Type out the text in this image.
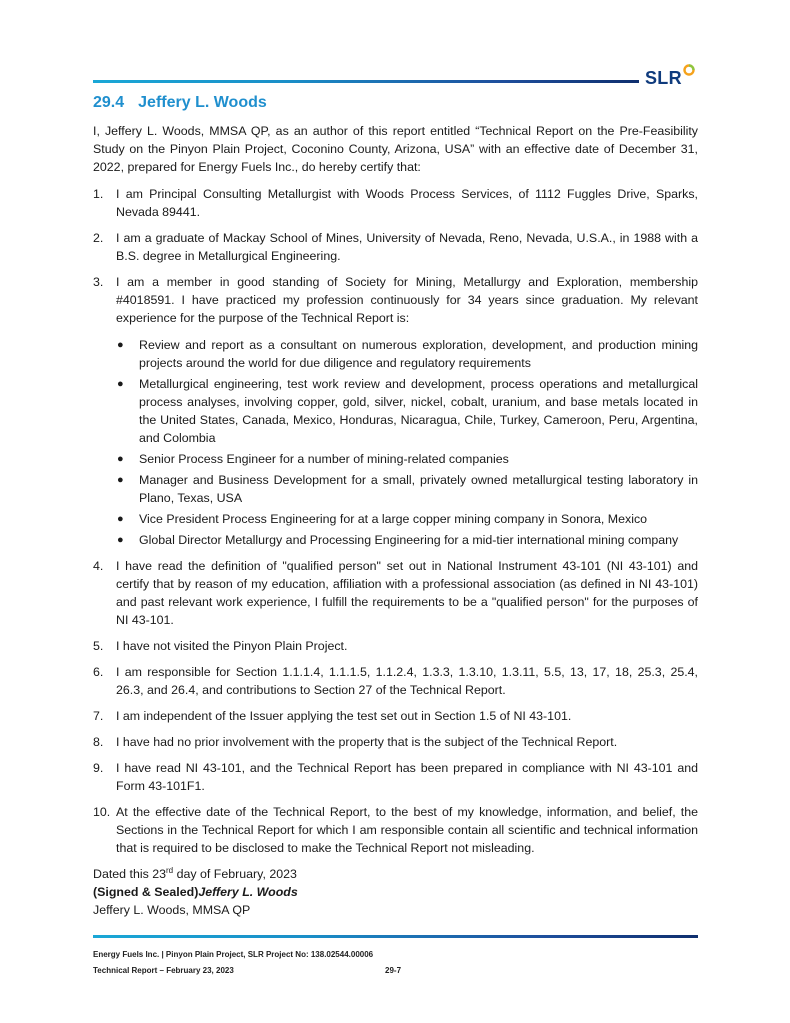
SLR
29.4 Jeffery L. Woods

I, Jeffery L. Woods, MMSA QP, as an author of this report entitled “Technical Report on the Pre-Feasibility Study on the Pinyon Plain Project, Coconino County, Arizona, USA” with an effective date of December 31, 2022, prepared for Energy Fuels Inc., do hereby certify that:

1. I am Principal Consulting Metallurgist with Woods Process Services, of 1112 Fuggles Drive, Sparks, Nevada 89441.
2. I am a graduate of Mackay School of Mines, University of Nevada, Reno, Nevada, U.S.A., in 1988 with a B.S. degree in Metallurgical Engineering.
3. I am a member in good standing of Society for Mining, Metallurgy and Exploration, membership #4018591. I have practiced my profession continuously for 34 years since graduation. My relevant experience for the purpose of the Technical Report is:
● Review and report as a consultant on numerous exploration, development, and production mining projects around the world for due diligence and regulatory requirements
● Metallurgical engineering, test work review and development, process operations and metallurgical process analyses, involving copper, gold, silver, nickel, cobalt, uranium, and base metals located in the United States, Canada, Mexico, Honduras, Nicaragua, Chile, Turkey, Cameroon, Peru, Argentina, and Colombia
● Senior Process Engineer for a number of mining-related companies
● Manager and Business Development for a small, privately owned metallurgical testing laboratory in Plano, Texas, USA
● Vice President Process Engineering for at a large copper mining company in Sonora, Mexico
● Global Director Metallurgy and Processing Engineering for a mid-tier international mining company
4. I have read the definition of "qualified person" set out in National Instrument 43-101 (NI 43-101) and certify that by reason of my education, affiliation with a professional association (as defined in NI 43-101) and past relevant work experience, I fulfill the requirements to be a "qualified person" for the purposes of NI 43-101.
5. I have not visited the Pinyon Plain Project.
6. I am responsible for Section 1.1.1.4, 1.1.1.5, 1.1.2.4, 1.3.3, 1.3.10, 1.3.11, 5.5, 13, 17, 18, 25.3, 25.4, 26.3, and 26.4, and contributions to Section 27 of the Technical Report.
7. I am independent of the Issuer applying the test set out in Section 1.5 of NI 43-101.
8. I have had no prior involvement with the property that is the subject of the Technical Report.
9. I have read NI 43-101, and the Technical Report has been prepared in compliance with NI 43-101 and Form 43-101F1.
10. At the effective date of the Technical Report, to the best of my knowledge, information, and belief, the Sections in the Technical Report for which I am responsible contain all scientific and technical information that is required to be disclosed to make the Technical Report not misleading.
Dated this 23rd day of February, 2023
(Signed & Sealed)Jeffery L. Woods
Jeffery L. Woods, MMSA QP
Energy Fuels Inc. | Pinyon Plain Project, SLR Project No: 138.02544.00006
Technical Report – February 23, 2023	29-7
